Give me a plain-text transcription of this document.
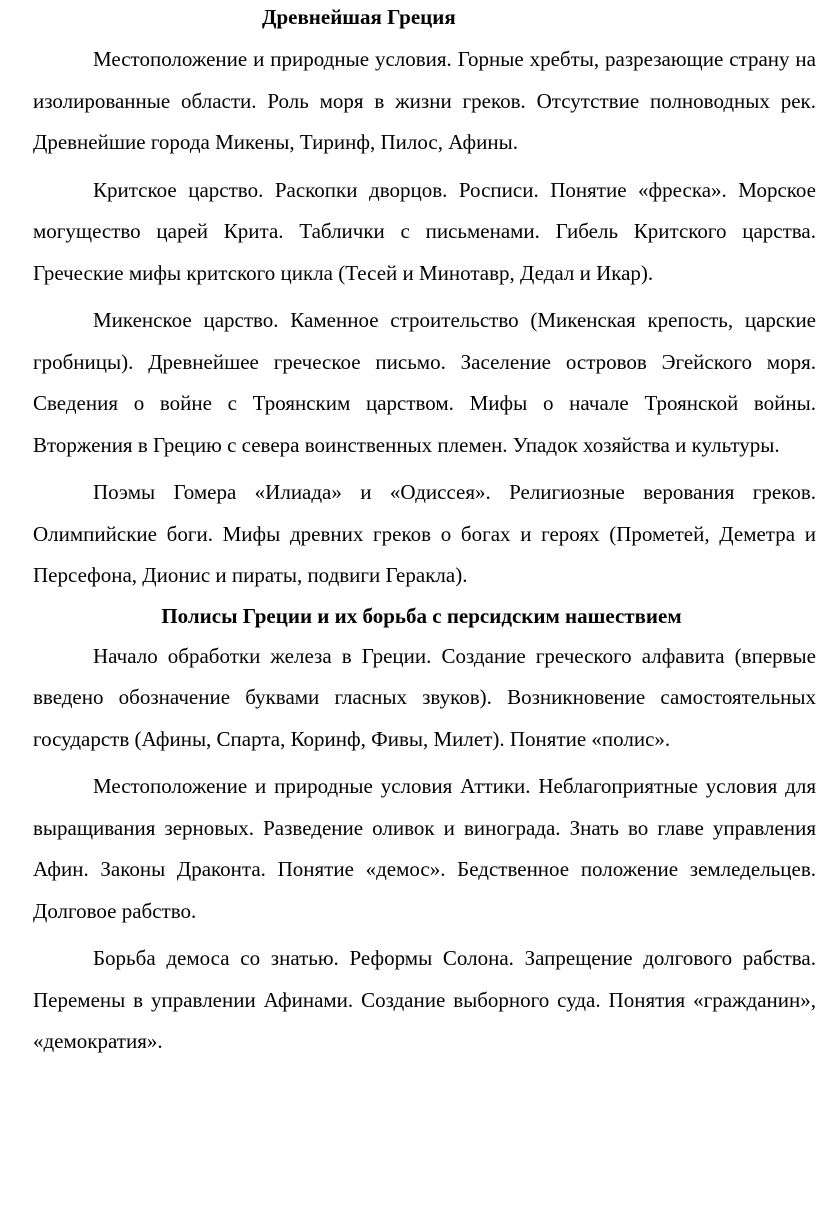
Древнейшая Греция

Местоположение и природные условия. Горные хребты, разрезающие страну на изолированные области. Роль моря в жизни греков. Отсутствие полноводных рек. Древнейшие города Микены, Тиринф, Пилос, Афины.

Критское царство. Раскопки дворцов. Росписи. Понятие «фреска». Морское могущество царей Крита. Таблички с письменами. Гибель Критского царства. Греческие мифы критского цикла (Тесей и Минотавр, Дедал и Икар).

Микенское царство. Каменное строительство (Микенская крепость, царские гробницы). Древнейшее греческое письмо. Заселение островов Эгейского моря. Сведения о войне с Троянским царством. Мифы о начале Троянской войны. Вторжения в Грецию с севера воинственных племен. Упадок хозяйства и культуры.

Поэмы Гомера «Илиада» и «Одиссея». Религиозные верования греков. Олимпийские боги. Мифы древних греков о богах и героях (Прометей, Деметра и Персефона, Дионис и пираты, подвиги Геракла).

Полисы Греции и их борьба с персидским нашествием

Начало обработки железа в Греции. Создание греческого алфавита (впервые введено обозначение буквами гласных звуков). Возникновение самостоятельных государств (Афины, Спарта, Коринф, Фивы, Милет). Понятие «полис».

Местоположение и природные условия Аттики. Неблагоприятные условия для выращивания зерновых. Разведение оливок и винограда. Знать во главе управления Афин. Законы Драконта. Понятие «демос». Бедственное положение земледельцев. Долговое рабство.

Борьба демоса со знатью. Реформы Солона. Запрещение долгового рабства. Перемены в управлении Афинами. Создание выборного суда. Понятия «гражданин», «демократия».
